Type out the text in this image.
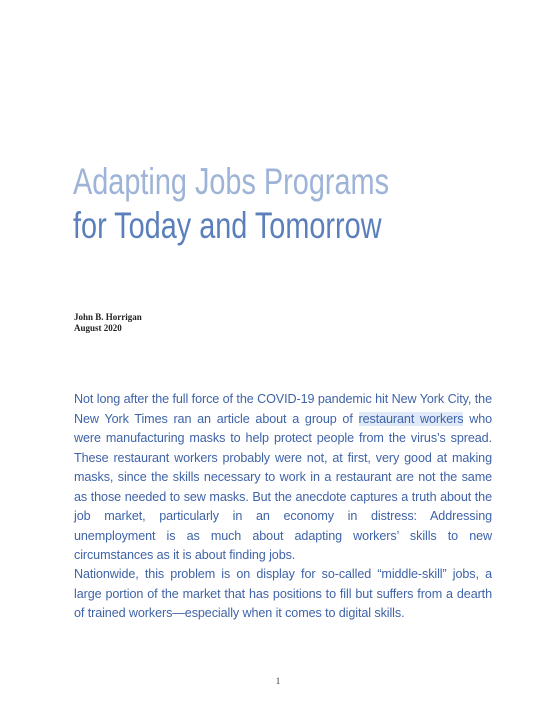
Adapting Jobs Programs
for Today and Tomorrow
John B. Horrigan
August 2020

Not long after the full force of the COVID-19 pandemic hit New York City, the New York Times ran an article about a group of restaurant workers who were manufacturing masks to help protect people from the virus’s spread. These restaurant workers probably were not, at first, very good at making masks, since the skills necessary to work in a restaurant are not the same as those needed to sew masks. But the anecdote captures a truth about the job market, particularly in an economy in distress: Addressing unemployment is as much about adapting workers’ skills to new circumstances as it is about finding jobs.

Nationwide, this problem is on display for so-called “middle-skill” jobs, a large portion of the market that has positions to fill but suffers from a dearth of trained workers—especially when it comes to digital skills.

1
